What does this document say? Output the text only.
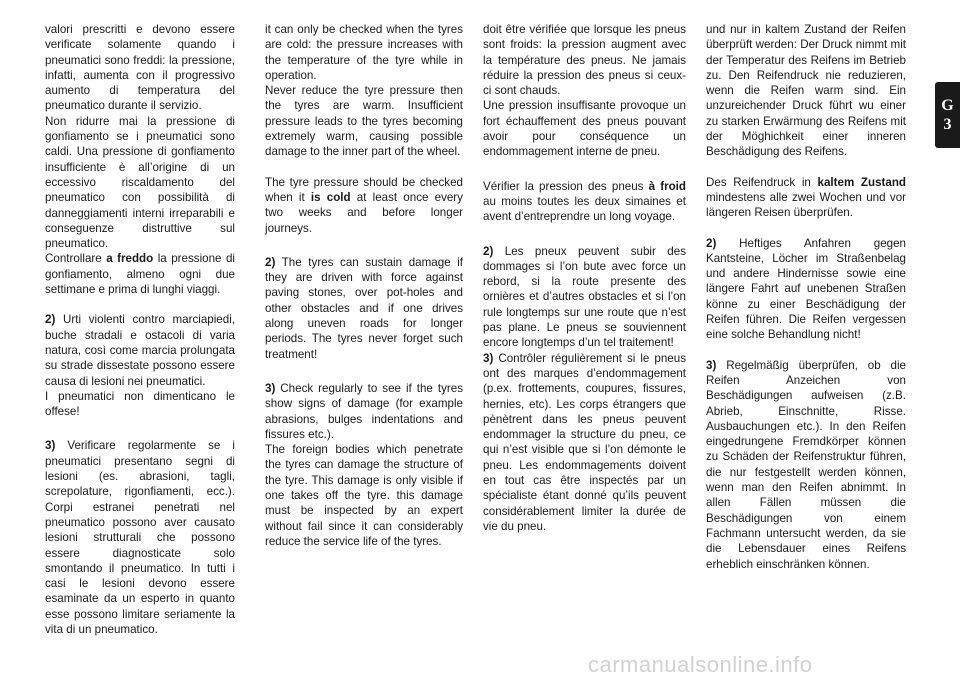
valori prescritti e devono essere verificate solamente quando i pneumatici sono freddi: la pressione, infatti, aumenta con il progressivo aumento di temperatura del pneumatico durante il servizio.

Non ridurre mai la pressione di gonfiamento se i pneumatici sono caldi. Una pressione di gonfiamento insufficiente è all’origine di un eccessivo riscaldamento del pneumatico con possibilità di danneggiamenti interni irreparabili e conseguenze distruttive sul pneumatico.

Controllare a freddo la pressione di gonfiamento, almeno ogni due settimane e prima di lunghi viaggi.

2) Urti violenti contro marciapiedi, buche stradali e ostacoli di varia natura, così come marcia prolungata su strade dissestate possono essere causa di lesioni nei pneumatici.

I pneumatici non dimenticano le offese!

3) Verificare regolarmente se i pneumatici presentano segni di lesioni (es. abrasioni, tagli, screpolature, rigonfiamenti, ecc.). Corpi estranei penetrati nel pneumatico possono aver causato lesioni strutturali che possono essere diagnosticate solo smontando il pneumatico. In tutti i casi le lesioni devono essere esaminate da un esperto in quanto esse possono limitare seriamente la vita di un pneumatico.

it can only be checked when the tyres are cold: the pressure increases with the temperature of the tyre while in operation.

Never reduce the tyre pressure then the tyres are warm. Insufficient pressure leads to the tyres becoming extremely warm, causing possible damage to the inner part of the wheel.

The tyre pressure should be checked when it is cold at least once every two weeks and before longer journeys.

2) The tyres can sustain damage if they are driven with force against paving stones, over pot-holes and other obstacles and if one drives along uneven roads for longer periods. The tyres never forget such treatment!

3) Check regularly to see if the tyres show signs of damage (for example abrasions, bulges indentations and fissures etc.).

The foreign bodies which penetrate the tyres can damage the structure of the tyre. This damage is only visible if one takes off the tyre. this damage must be inspected by an expert without fail since it can considerably reduce the service life of the tyres.

doit être vérifiée que lorsque les pneus sont froids: la pression augment avec la température des pneus. Ne jamais réduire la pression des pneus si ceux-ci sont chauds.

Une pression insuffisante provoque un fort échauffement des pneus pouvant avoir pour conséquence un endommagement interne de pneu.

Vérifier la pression des pneus à froid au moins toutes les deux simaines et avent d’entreprendre un long voyage.

2) Les pneux peuvent subir des dommages si l’on bute avec force un rebord, si la route presente des ornières et d’autres obstacles et si l’on rule longtemps sur une route que n’est pas plane. Le pneus se souviennent encore longtemps d’un tel traitement!

3) Contrôler régulièrement si le pneus ont des marques d’endommagement (p.ex. frottements, coupures, fissures, hernies, etc). Les corps étrangers que pènètrent dans les pneus peuvent endommager la structure du pneu, ce qui n’est visible que si l’on démonte le pneu. Les endommagements doivent en tout cas être inspectés par un spécialiste étant donné qu’ils peuvent considérablement limiter la durée de vie du pneu.

und nur in kaltem Zustand der Reifen überprüft werden: Der Druck nimmt mit der Temperatur des Reifens im Betrieb zu. Den Reifendruck nie reduzieren, wenn die Reifen warm sind. Ein unzureichender Druck führt wu einer zu starken Erwärmung des Reifens mit der Möghichkeit einer inneren Beschädigung des Reifens.

Des Reifendruck in kaltem Zustand mindestens alle zwei Wochen und vor längeren Reisen überprüfen.

2) Heftiges Anfahren gegen Kantsteine, Löcher im Straßenbelag und andere Hindernisse sowie eine längere Fahrt auf unebenen Straßen könne zu einer Beschädigung der Reifen führen. Die Reifen vergessen eine solche Behandlung nicht!

3) Regelmäßig überprüfen, ob die Reifen Anzeichen von Beschädigungen aufweisen (z.B. Abrieb, Einschnitte, Risse. Ausbauchungen etc.). In den Reifen eingedrungene Fremdkörper können zu Schäden der Reifenstruktur führen, die nur festgestellt werden können, wenn man den Reifen abnimmt. In allen Fällen müssen die Beschädigungen von einem Fachmann untersucht werden, da sie die Lebensdauer eines Reifens erheblich einschränken können.

G
3
carmanualsonline.info
